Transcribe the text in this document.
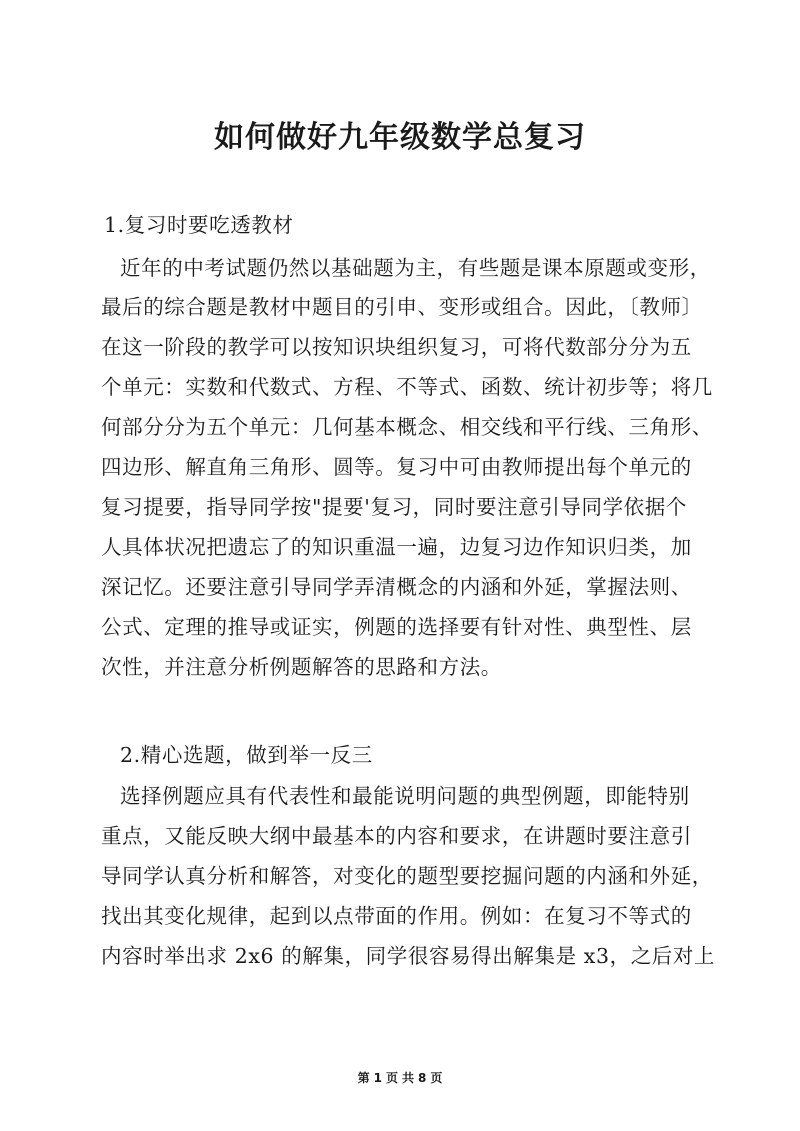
如何做好九年级数学总复习
1.复习时要吃透教材
近年的中考试题仍然以基础题为主，有些题是课本原题或变形，
最后的综合题是教材中题目的引申、变形或组合。因此，〔教师〕
在这一阶段的教学可以按知识块组织复习，可将代数部分分为五
个单元：实数和代数式、方程、不等式、函数、统计初步等；将几
何部分分为五个单元：几何基本概念、相交线和平行线、三角形、
四边形、解直角三角形、圆等。复习中可由教师提出每个单元的
复习提要，指导同学按"提要'复习，同时要注意引导同学依据个
人具体状况把遗忘了的知识重温一遍，边复习边作知识归类，加
深记忆。还要注意引导同学弄清概念的内涵和外延，掌握法则、
公式、定理的推导或证实，例题的选择要有针对性、典型性、层
次性，并注意分析例题解答的思路和方法。
2.精心选题，做到举一反三
选择例题应具有代表性和最能说明问题的典型例题，即能特别
重点，又能反映大纲中最基本的内容和要求，在讲题时要注意引
导同学认真分析和解答，对变化的题型要挖掘问题的内涵和外延，
找出其变化规律，起到以点带面的作用。例如：在复习不等式的
内容时举出求 2x6 的解集，同学很容易得出解集是 x3，之后对上
第 1 页 共 8 页
